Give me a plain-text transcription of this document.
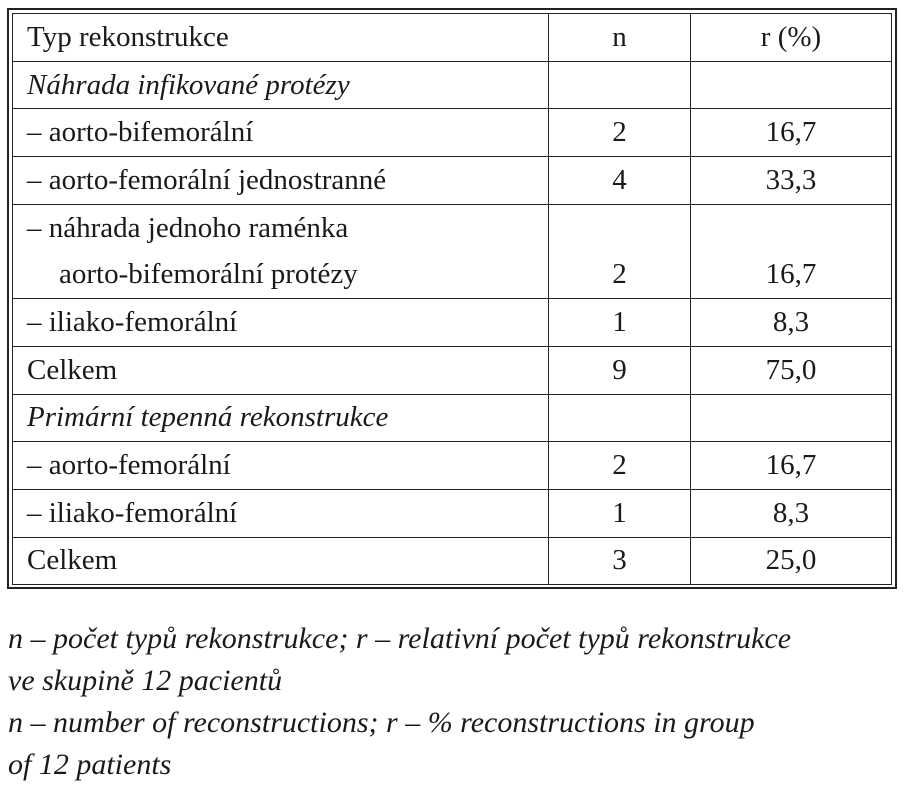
Typ rekonstrukce	n	r (%)
Náhrada infikované protézy		
– aorto-bifemorální	2	16,7
– aorto-femorální jednostranné	4	33,3
– náhrada jednoho raménka		
aorto-bifemorální protézy	2	16,7
– iliako-femorální	1	8,3
Celkem	9	75,0
Primární tepenná rekonstrukce		
– aorto-femorální	2	16,7
– iliako-femorální	1	8,3
Celkem	3	25,0

n – počet typů rekonstrukce; r – relativní počet typů rekonstrukce

ve skupině 12 pacientů

n – number of reconstructions; r – % reconstructions in group

of 12 patients
